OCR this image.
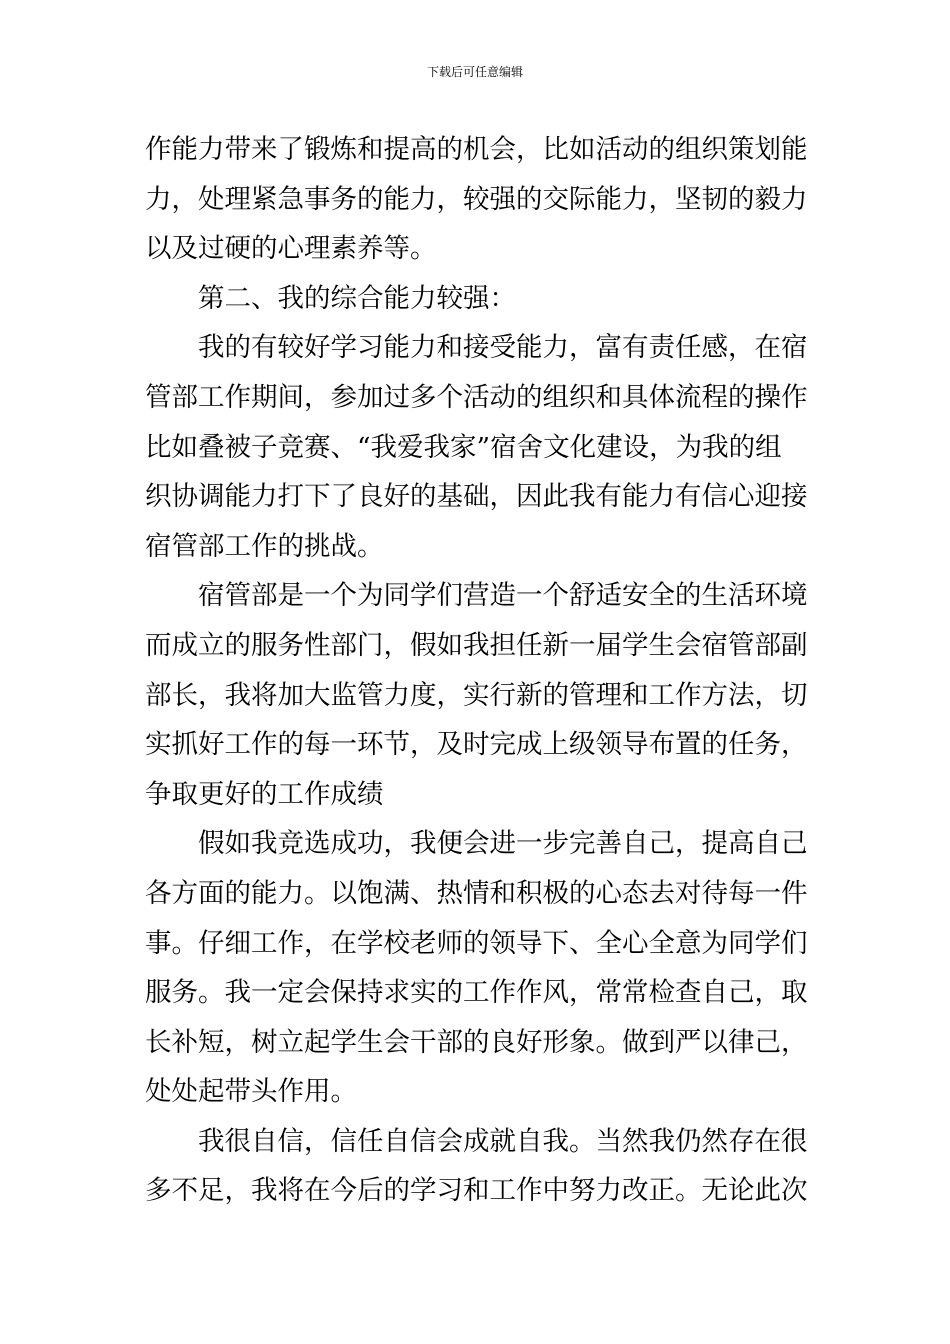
下载后可任意编辑
作能力带来了锻炼和提高的机会，比如活动的组织策划能
力，处理紧急事务的能力，较强的交际能力，坚韧的毅力
以及过硬的心理素养等。
第二、我的综合能力较强：
我的有较好学习能力和接受能力，富有责任感，在宿
管部工作期间，参加过多个活动的组织和具体流程的操作
比如叠被子竞赛、“我爱我家”宿舍文化建设，为我的组
织协调能力打下了良好的基础，因此我有能力有信心迎接
宿管部工作的挑战。
宿管部是一个为同学们营造一个舒适安全的生活环境
而成立的服务性部门，假如我担任新一届学生会宿管部副
部长，我将加大监管力度，实行新的管理和工作方法，切
实抓好工作的每一环节，及时完成上级领导布置的任务，
争取更好的工作成绩
假如我竞选成功，我便会进一步完善自己，提高自己
各方面的能力。以饱满、热情和积极的心态去对待每一件
事。仔细工作，在学校老师的领导下、全心全意为同学们
服务。我一定会保持求实的工作作风，常常检查自己，取
长补短，树立起学生会干部的良好形象。做到严以律己，
处处起带头作用。
我很自信，信任自信会成就自我。当然我仍然存在很
多不足，我将在今后的学习和工作中努力改正。无论此次
